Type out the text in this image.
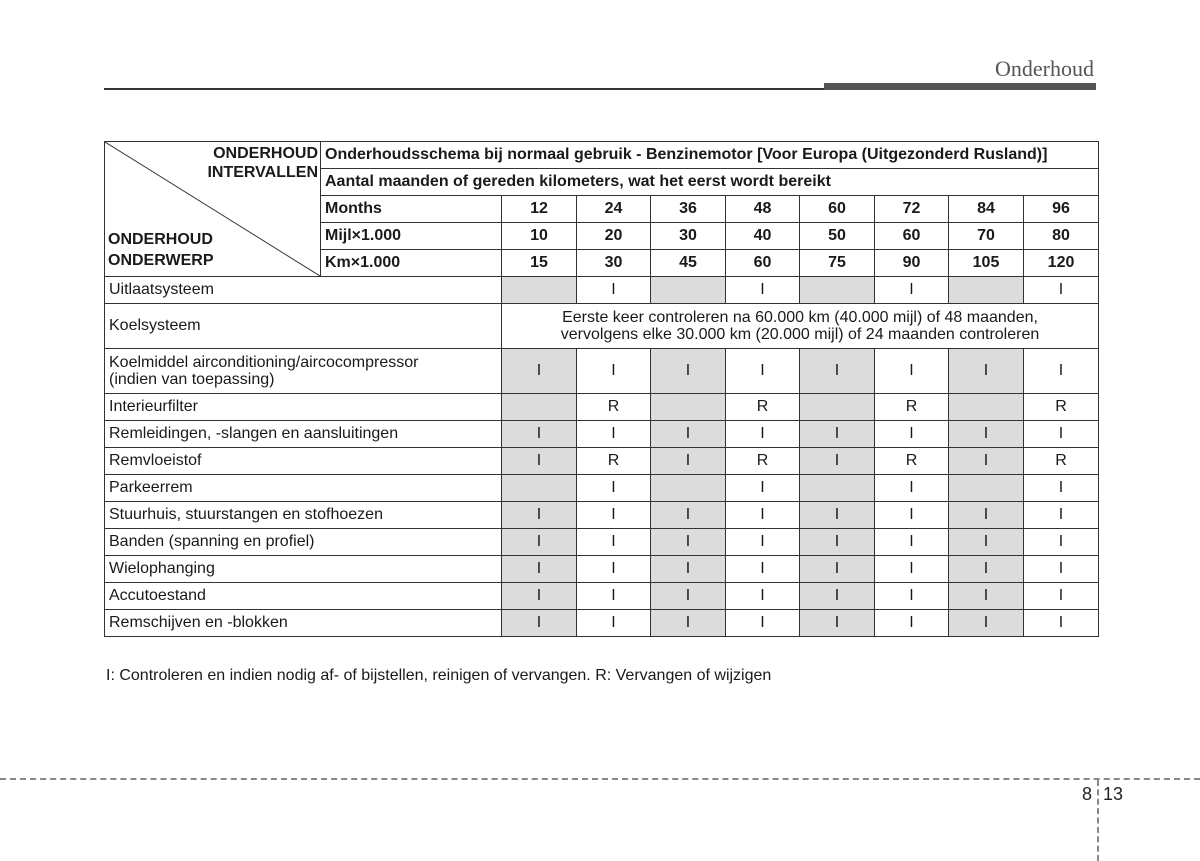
Onderhoud
ONDERHOUD
INTERVALLEN
ONDERHOUD
ONDERWERP	Onderhoudsschema bij normaal gebruik - Benzinemotor [Voor Europa (Uitgezonderd Rusland)]								
	Aantal maanden of gereden kilometers, wat het eerst wordt bereikt								
	Months	12	24	36	48	60	72	84	96
	Mijl×1.000	10	20	30	40	50	60	70	80
	Km×1.000	15	30	45	60	75	90	105	120
Uitlaatsysteem			I		I		I		I
Koelsysteem		Eerste keer controleren na 60.000 km (40.000 mijl) of 48 maanden,
vervolgens elke 30.000 km (20.000 mijl) of 24 maanden controleren							

Koelmiddel airconditioning/aircocompressor
(indien van toepassing)		I	I	I	I	I	I	I	I
Interieurfilter			R		R		R		R
Remleidingen, -slangen en aansluitingen		I	I	I	I	I	I	I	I
Remvloeistof		I	R	I	R	I	R	I	R
Parkeerrem			I		I		I		I
Stuurhuis, stuurstangen en stofhoezen		I	I	I	I	I	I	I	I
Banden (spanning en profiel)		I	I	I	I	I	I	I	I
Wielophanging		I	I	I	I	I	I	I	I
Accutoestand		I	I	I	I	I	I	I	I
Remschijven en -blokken		I	I	I	I	I	I	I	I
I: Controleren en indien nodig af- of bijstellen, reinigen of vervangen. R: Vervangen of wijzigen
8 13
